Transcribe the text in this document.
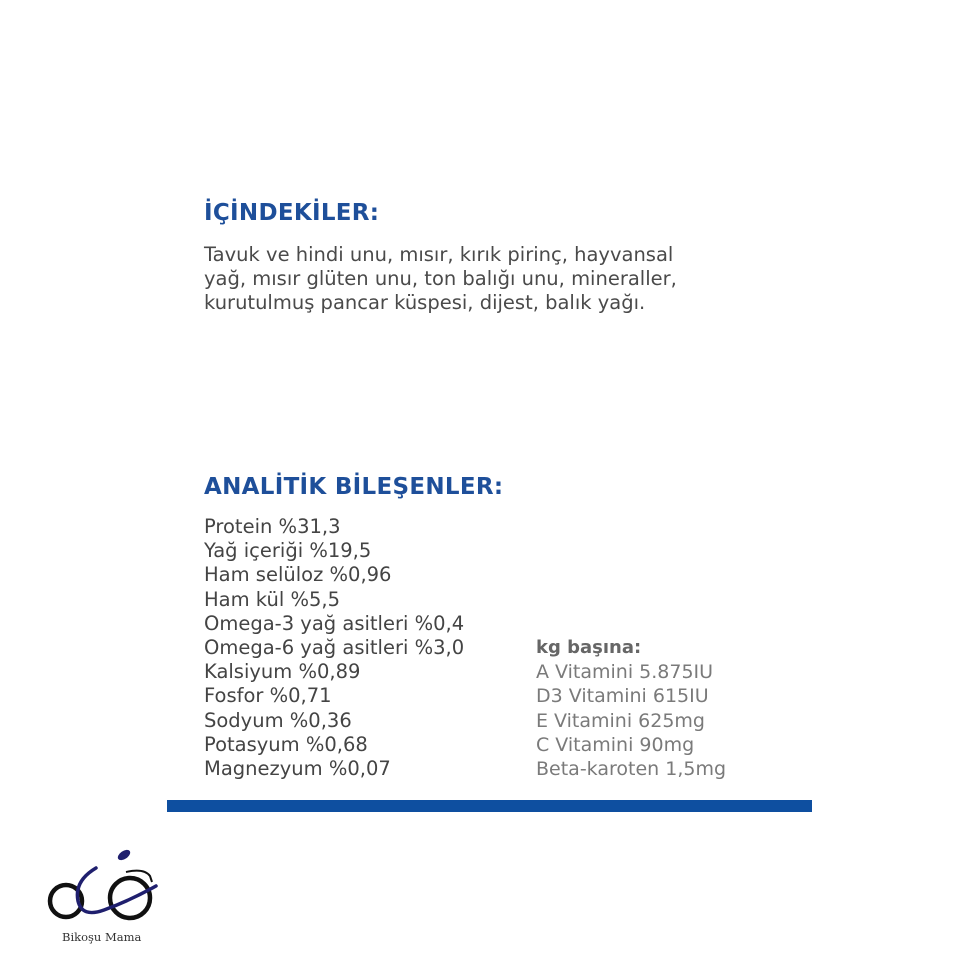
İÇİNDEKİLER:

Tavuk ve hindi unu, mısır, kırık pirinç, hayvansal
yağ, mısır glüten unu, ton balığı unu, mineraller,
kurutulmuş pancar küspesi, dijest, balık yağı.

ANALİTİK BİLEŞENLER:
Protein %31,3
Yağ içeriği %19,5
Ham selüloz %0,96
Ham kül %5,5
Omega-3 yağ asitleri %0,4
Omega-6 yağ asitleri %3,0
Kalsiyum %0,89
Fosfor %0,71
Sodyum %0,36
Potasyum %0,68
Magnezyum %0,07
kg başına:
A Vitamini 5.875IU
D3 Vitamini 615IU
E Vitamini 625mg
C Vitamini 90mg
Beta-karoten 1,5mg
Bikoşu Mama
